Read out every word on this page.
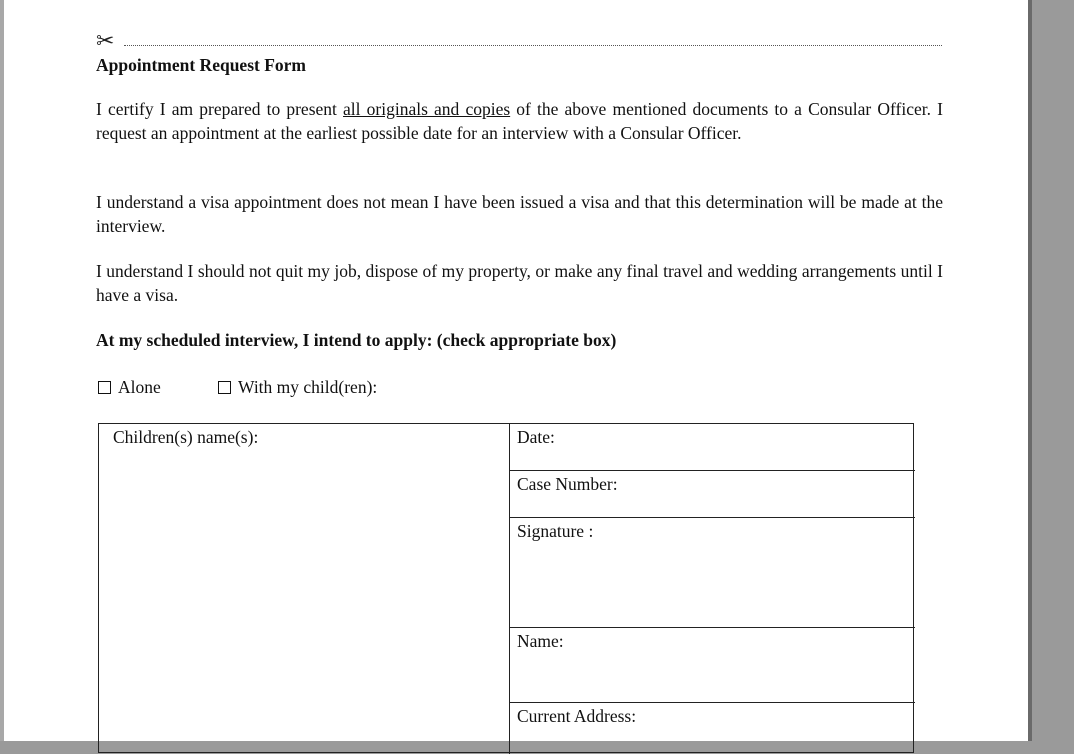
✂
Appointment Request Form

I certify I am prepared to present all originals and copies of the above mentioned documents to a Consular Officer. I request an appointment at the earliest possible date for an interview with a Consular Officer.

I understand a visa appointment does not mean I have been issued a visa and that this determination will be made at the interview.

I understand I should not quit my job, dispose of my property, or make any final travel and wedding arrangements until I have a visa.

At my scheduled interview, I intend to apply: (check appropriate box)
Alone	With my child(ren):
Children(s) name(s):	Date:
Case Number:
Signature :
Name:
Current Address:
